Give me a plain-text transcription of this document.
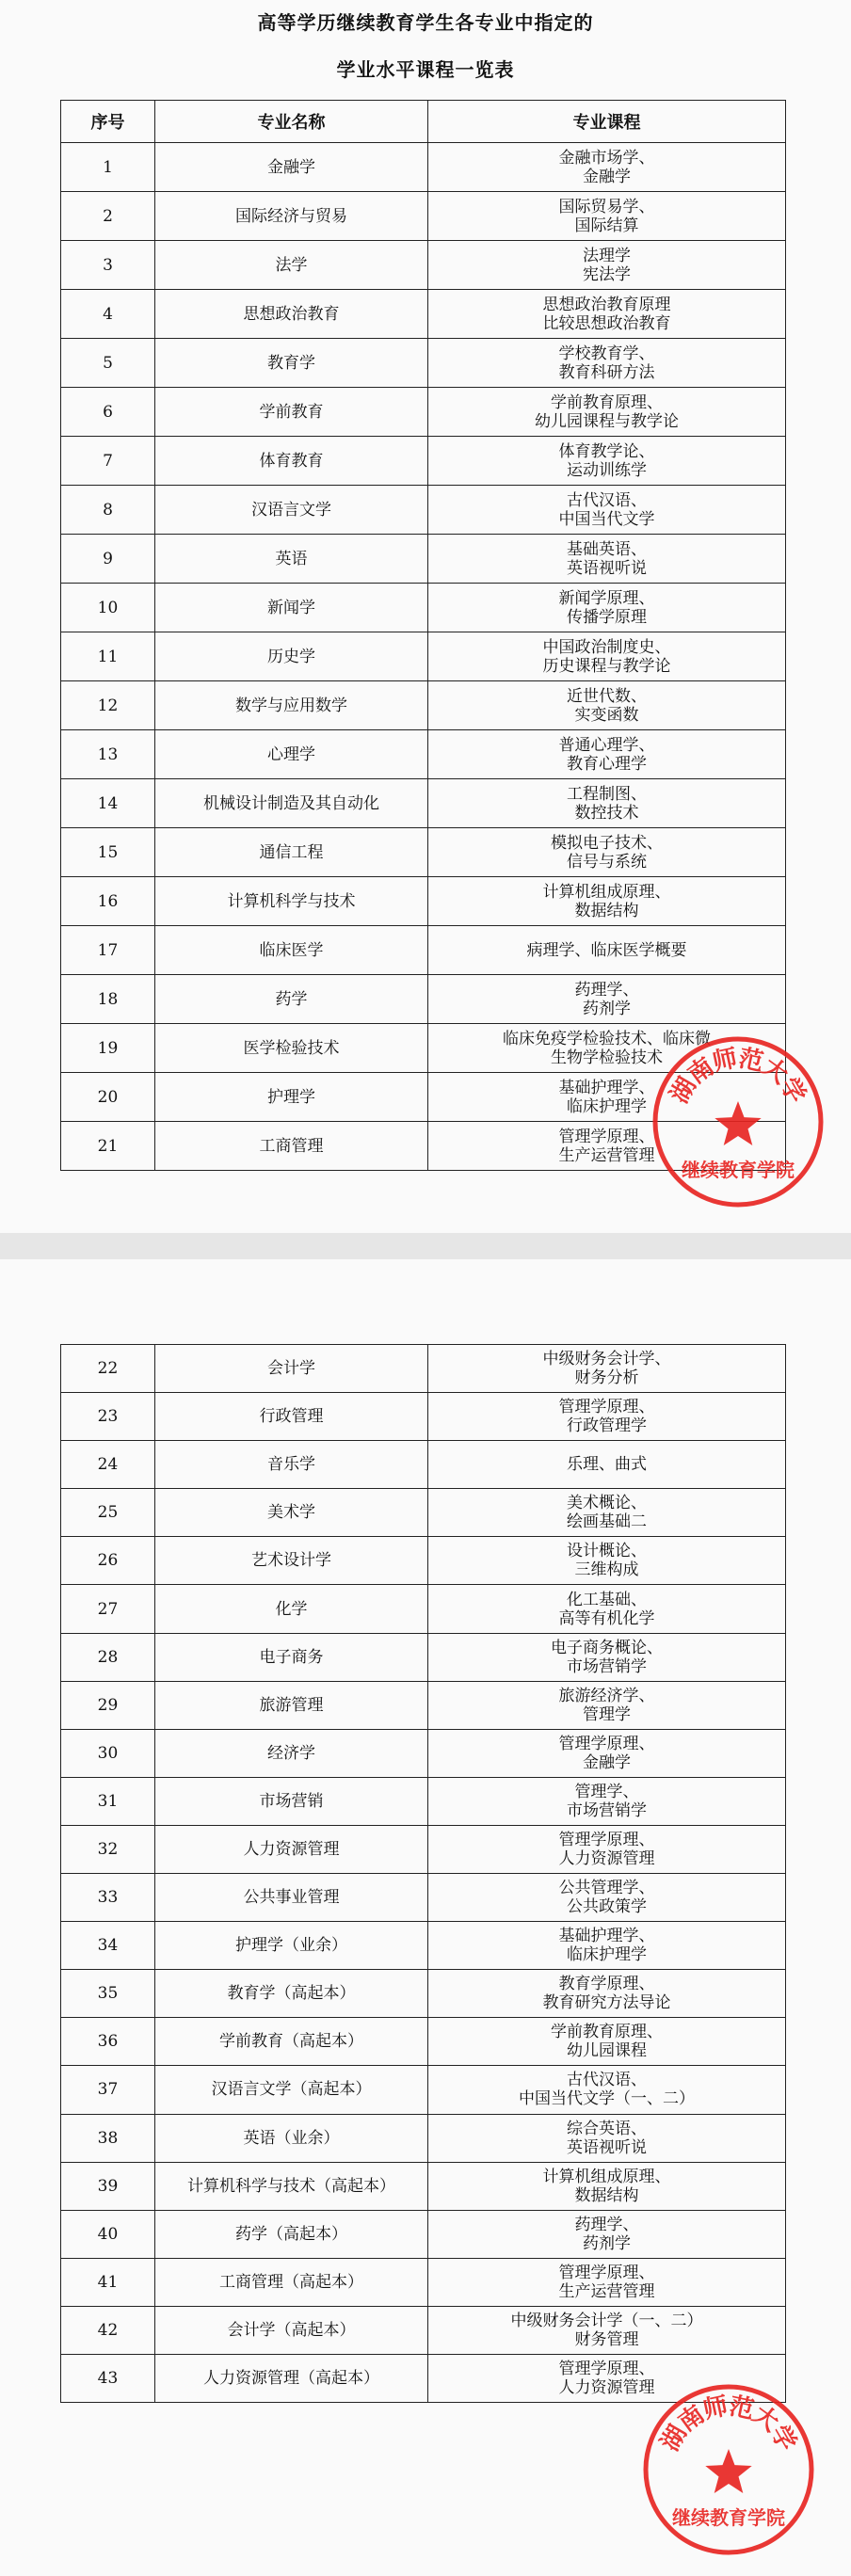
高等学历继续教育学生各专业中指定的
学业水平课程一览表
序号	专业名称	专业课程
1	金融学	金融市场学、
金融学
2	国际经济与贸易	国际贸易学、
国际结算
3	法学	法理学
宪法学
4	思想政治教育	思想政治教育原理
比较思想政治教育
5	教育学	学校教育学、
教育科研方法
6	学前教育	学前教育原理、
幼儿园课程与教学论
7	体育教育	体育教学论、
运动训练学
8	汉语言文学	古代汉语、
中国当代文学
9	英语	基础英语、
英语视听说
10	新闻学	新闻学原理、
传播学原理
11	历史学	中国政治制度史、
历史课程与教学论
12	数学与应用数学	近世代数、
实变函数
13	心理学	普通心理学、
教育心理学
14	机械设计制造及其自动化	工程制图、
数控技术
15	通信工程	模拟电子技术、
信号与系统
16	计算机科学与技术	计算机组成原理、
数据结构
17	临床医学	病理学、临床医学概要
18	药学	药理学、
药剂学
19	医学检验技术	临床免疫学检验技术、临床微
生物学检验技术
20	护理学	基础护理学、
临床护理学
21	工商管理	管理学原理、
生产运营管理
湖
南
师
范
大
学
继续教育学院
22	会计学	中级财务会计学、
财务分析
23	行政管理	管理学原理、
行政管理学
24	音乐学	乐理、曲式
25	美术学	美术概论、
绘画基础二
26	艺术设计学	设计概论、
三维构成
27	化学	化工基础、
高等有机化学
28	电子商务	电子商务概论、
市场营销学
29	旅游管理	旅游经济学、
管理学
30	经济学	管理学原理、
金融学
31	市场营销	管理学、
市场营销学
32	人力资源管理	管理学原理、
人力资源管理
33	公共事业管理	公共管理学、
公共政策学
34	护理学（业余）	基础护理学、
临床护理学
35	教育学（高起本）	教育学原理、
教育研究方法导论
36	学前教育（高起本）	学前教育原理、
幼儿园课程
37	汉语言文学（高起本）	古代汉语、
中国当代文学（一、二）
38	英语（业余）	综合英语、
英语视听说
39	计算机科学与技术（高起本）	计算机组成原理、
数据结构
40	药学（高起本）	药理学、
药剂学
41	工商管理（高起本）	管理学原理、
生产运营管理
42	会计学（高起本）	中级财务会计学（一、二）
财务管理
43	人力资源管理（高起本）	管理学原理、
人力资源管理
湖
南
师
范
大
学
继续教育学院
